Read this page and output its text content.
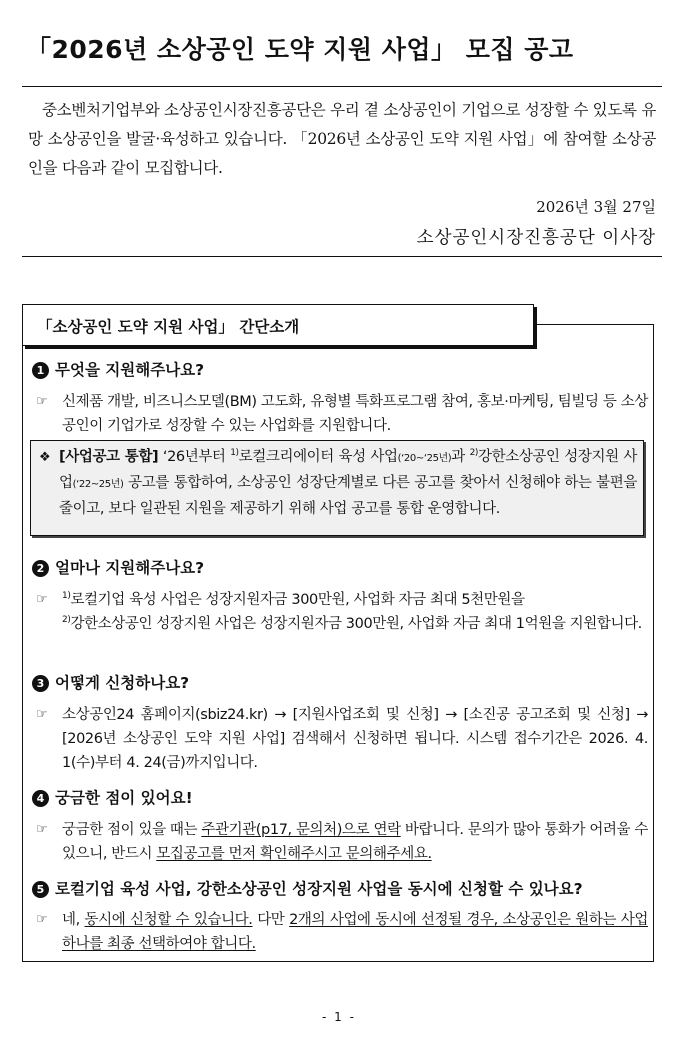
「2026년 소상공인 도약 지원 사업」 모집 공고
중소벤처기업부와 소상공인시장진흥공단은 우리 곁 소상공인이 기업으로 성장할 수 있도록 유망 소상공인을 발굴·육성하고 있습니다. 「2026년 소상공인 도약 지원 사업」에 참여할 소상공인을 다음과 같이 모집합니다.
2026년 3월 27일
소상공인시장진흥공단 이사장
「소상공인 도약 지원 사업」 간단소개
1 무엇을 지원해주나요?
☞ 신제품 개발, 비즈니스모델(BM) 고도화, 유형별 특화프로그램 참여, 홍보·마케팅, 팀빌딩 등 소상공인이 기업가로 성장할 수 있는 사업화를 지원합니다.
❖ [사업공고 통합] ‘26년부터 $^{1)}$로컬크리에이터 육성 사업(‘20~‘25년)과 $^{2)}$강한소상공인 성장지원 사업(‘22~25년) 공고를 통합하여, 소상공인 성장단계별로 다른 공고를 찾아서 신청해야 하는 불편을 줄이고, 보다 일관된 지원을 제공하기 위해 사업 공고를 통합 운영합니다.
2 얼마나 지원해주나요?
☞ $^{1)}$로컬기업 육성 사업은 성장지원자금 300만원, 사업화 자금 최대 5천만원을
$^{2)}$강한소상공인 성장지원 사업은 성장지원자금 300만원, 사업화 자금 최대 1억원을 지원합니다.
3 어떻게 신청하나요?
☞ 소상공인24 홈페이지(sbiz24.kr) → [지원사업조회 및 신청] → [소진공 공고조회 및 신청] → [2026년 소상공인 도약 지원 사업] 검색해서 신청하면 됩니다. 시스템 접수기간은 2026. 4. 1(수)부터 4. 24(금)까지입니다.
4 궁금한 점이 있어요!
☞ 궁금한 점이 있을 때는 주관기관(p17, 문의처)으로 연락 바랍니다. 문의가 많아 통화가 어려울 수 있으니, 반드시 모집공고를 먼저 확인해주시고 문의해주세요.
5 로컬기업 육성 사업, 강한소상공인 성장지원 사업을 동시에 신청할 수 있나요?
☞ 네, 동시에 신청할 수 있습니다. 다만 2개의 사업에 동시에 선정될 경우, 소상공인은 원하는 사업 하나를 최종 선택하여야 합니다.
- 1 -
